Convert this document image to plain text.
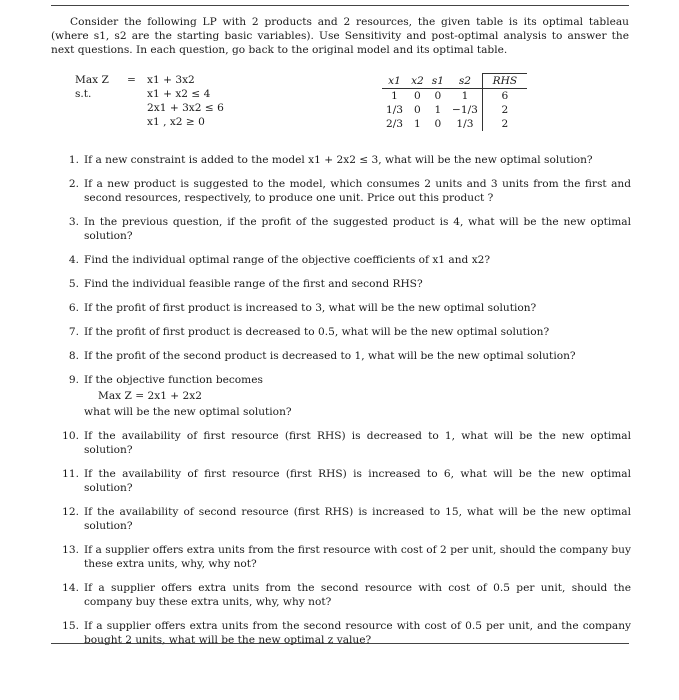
Consider the following LP with 2 products and 2 resources, the given table is its optimal tableau (where s1, s2 are the starting basic variables). Use Sensitivity and post-optimal analysis to answer the next questions. In each question, go back to the original model and its optimal table.

Max Z = x1 + 3x2
s.t.	x1 + x2 ≤ 4
2x1 + 3x2 ≤ 6
x1 , x2 ≥ 0
x1	x2	s1	s2	RHS
1	0	0	1	6
1/3	0	1	−1/3	2
2/3	1	0	1/3	2
1. If a new constraint is added to the model x1 + 2x2 ≤ 3, what will be the new optimal solution?
2. If a new product is suggested to the model, which consumes 2 units and 3 units from the first and second resources, respectively, to produce one unit. Price out this product ?
3. In the previous question, if the profit of the suggested product is 4, what will be the new optimal solution?
4. Find the individual optimal range of the objective coefficients of x1 and x2?
5. Find the individual feasible range of the first and second RHS?
6. If the profit of first product is increased to 3, what will be the new optimal solution?
7. If the profit of first product is decreased to 0.5, what will be the new optimal solution?
8. If the profit of the second product is decreased to 1, what will be the new optimal solution?
9. If the objective function becomes
Max Z = 2x1 + 2x2
what will be the new optimal solution?
10. If the availability of first resource (first RHS) is decreased to 1, what will be the new optimal solution?
11. If the availability of first resource (first RHS) is increased to 6, what will be the new optimal solution?
12. If the availability of second resource (first RHS) is increased to 15, what will be the new optimal solution?
13. If a supplier offers extra units from the first resource with cost of 2 per unit, should the company buy these extra units, why, why not?
14. If a supplier offers extra units from the second resource with cost of 0.5 per unit, should the company buy these extra units, why, why not?
15. If a supplier offers extra units from the second resource with cost of 0.5 per unit, and the company bought 2 units, what will be the new optimal z value?
